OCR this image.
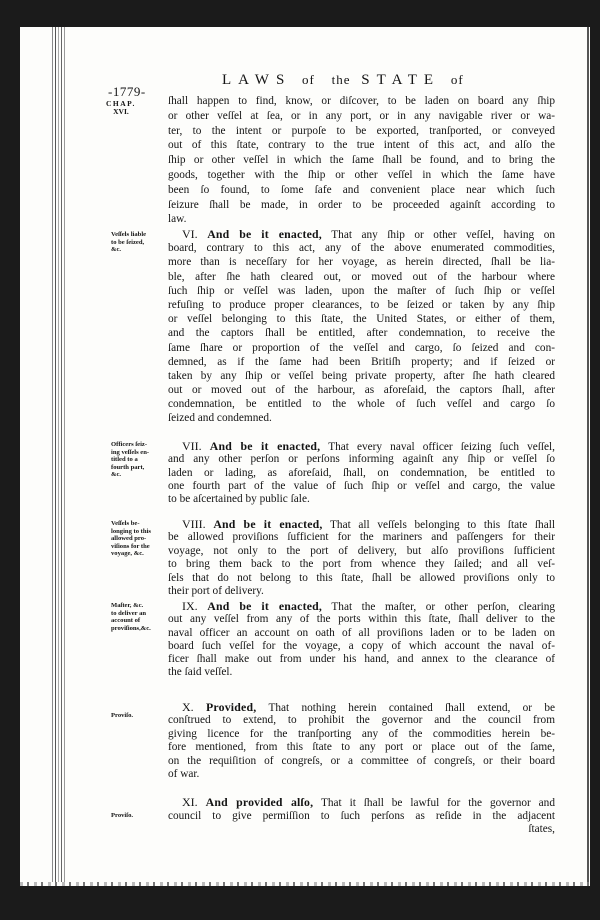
-1779-
LAWS of the STATE of
CHAP.
XVI.
ſhall happen to find, know, or diſcover, to be laden on board any ſhip
or other veſſel at ſea, or in any port, or in any navigable river or wa-
ter, to the intent or purpoſe to be exported, tranſported, or conveyed
out of this ſtate, contrary to the true intent of this act, and alſo the
ſhip or other veſſel in which the ſame ſhall be found, and to bring the
goods, together with the ſhip or other veſſel in which the ſame have
been ſo found, to ſome ſafe and convenient place near which ſuch
ſeizure ſhall be made, in order to be proceeded againſt according to
law.
VI. And be it enacted, That any ſhip or other veſſel, having on
board, contrary to this act, any of the above enumerated commodities,
more than is neceſſary for her voyage, as herein directed, ſhall be lia-
ble, after ſhe hath cleared out, or moved out of the harbour where
ſuch ſhip or veſſel was laden, upon the maſter of ſuch ſhip or veſſel
refuſing to produce proper clearances, to be ſeized or taken by any ſhip
or veſſel belonging to this ſtate, the United States, or either of them,
and the captors ſhall be entitled, after condemnation, to receive the
ſame ſhare or proportion of the veſſel and cargo, ſo ſeized and con-
demned, as if the ſame had been Britiſh property; and if ſeized or
taken by any ſhip or veſſel being private property, after ſhe hath cleared
out or moved out of the harbour, as aforeſaid, the captors ſhall, after
condemnation, be entitled to the whole of ſuch veſſel and cargo ſo
ſeized and condemned.
Veſſels liable
to be ſeized,
&c.
VII. And be it enacted, That every naval officer ſeizing ſuch veſſel,
and any other perſon or perſons informing againſt any ſhip or veſſel ſo
laden or lading, as aforeſaid, ſhall, on condemnation, be entitled to
one fourth part of the value of ſuch ſhip or veſſel and cargo, the value
to be aſcertained by public ſale.
Officers ſeiz-
ing veſſels en-
titled to a
fourth part,
&c.
VIII. And be it enacted, That all veſſels belonging to this ſtate ſhall
be allowed proviſions ſufficient for the mariners and paſſengers for their
voyage, not only to the port of delivery, but alſo proviſions ſufficient
to bring them back to the port from whence they ſailed; and all veſ-
ſels that do not belong to this ſtate, ſhall be allowed proviſions only to
their port of delivery.
Veſſels be-
longing to this
allowed pro-
viſions for the
voyage, &c.
IX. And be it enacted, That the maſter, or other perſon, clearing
out any veſſel from any of the ports within this ſtate, ſhall deliver to the
naval officer an account on oath of all proviſions laden or to be laden on
board ſuch veſſel for the voyage, a copy of which account the naval of-
ficer ſhall make out from under his hand, and annex to the clearance of
the ſaid veſſel.
Maſter, &c.
to deliver an
account of
proviſions,&c.
X. Provided, That nothing herein contained ſhall extend, or be
conſtrued to extend, to prohibit the governor and the council from
giving licence for the tranſporting any of the commodities herein be-
fore mentioned, from this ſtate to any port or place out of the ſame,
on the requiſition of congreſs, or a committee of congreſs, or their board
of war.
Proviſo.
XI. And provided alſo, That it ſhall be lawful for the governor and
council to give permiſſion to ſuch perſons as reſide in the adjacent
ſtates,
Proviſo.
